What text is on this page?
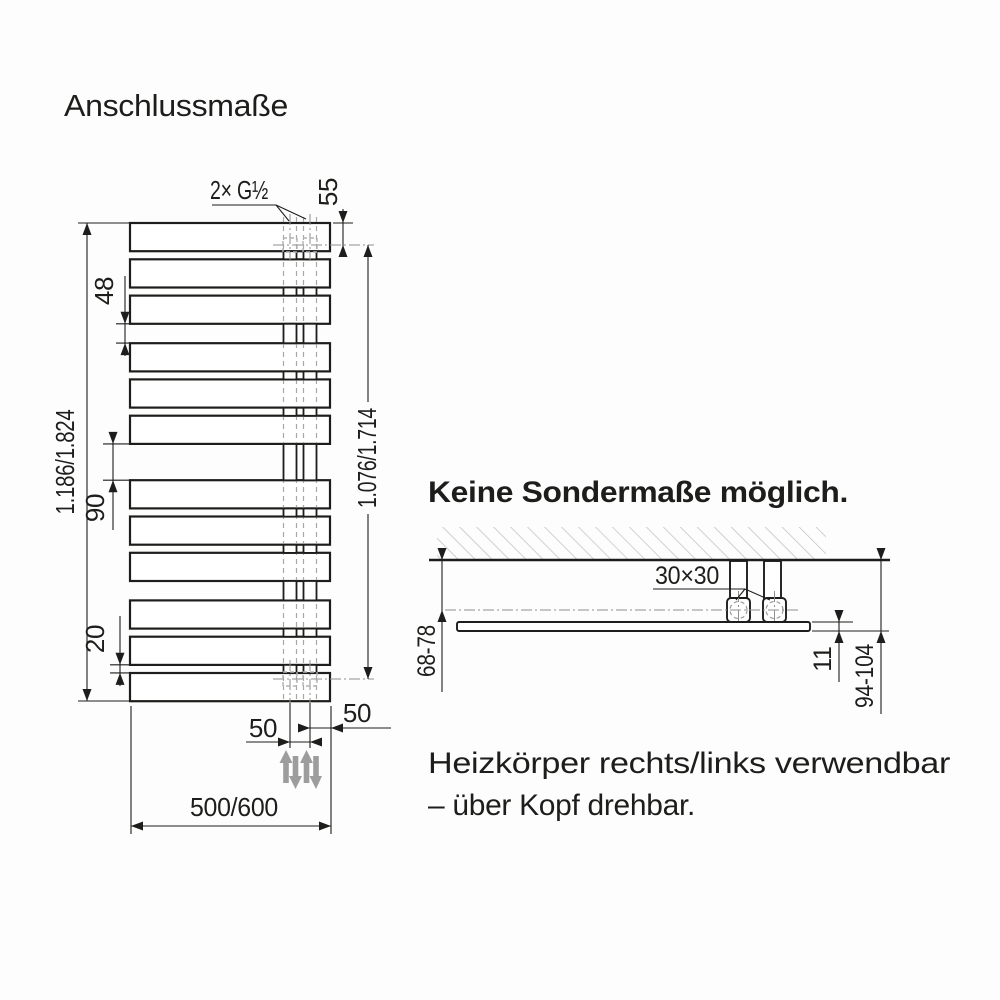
Anschlussmaße
2× G½ 55
1.186/1.824	1.076/1.714
48
90
20
50	50
500/600
30×30
68-78	11 94-104
Keine Sondermaße möglich.
Heizkörper rechts/links verwendbar
– über Kopf drehbar.
